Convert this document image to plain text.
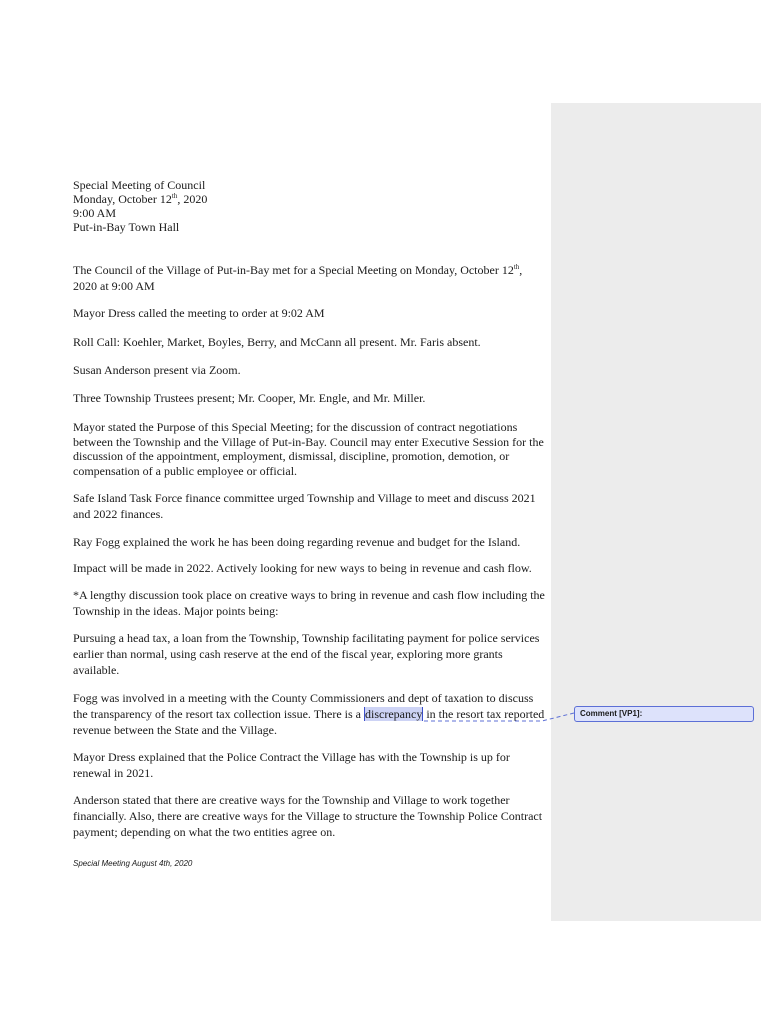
Special Meeting of Council
Monday, October 12th, 2020
9:00 AM
Put-in-Bay Town Hall

The Council of the Village of Put-in-Bay met for a Special Meeting on Monday, October 12th, 2020 at 9:00 AM

Mayor Dress called the meeting to order at 9:02 AM

Roll Call: Koehler, Market, Boyles, Berry, and McCann all present. Mr. Faris absent.

Susan Anderson present via Zoom.

Three Township Trustees present; Mr. Cooper, Mr. Engle, and Mr. Miller.

Mayor stated the Purpose of this Special Meeting; for the discussion of contract negotiations between the Township and the Village of Put-in-Bay. Council may enter Executive Session for the discussion of the appointment, employment, dismissal, discipline, promotion, demotion, or compensation of a public employee or official.

Safe Island Task Force finance committee urged Township and Village to meet and discuss 2021 and 2022 finances.

Ray Fogg explained the work he has been doing regarding revenue and budget for the Island.

Impact will be made in 2022. Actively looking for new ways to being in revenue and cash flow.

*A lengthy discussion took place on creative ways to bring in revenue and cash flow including the Township in the ideas. Major points being:

Pursuing a head tax, a loan from the Township, Township facilitating payment for police services earlier than normal, using cash reserve at the end of the fiscal year, exploring more grants available.

Fogg was involved in a meeting with the County Commissioners and dept of taxation to discuss the transparency of the resort tax collection issue. There is a discrepancy in the resort tax reported revenue between the State and the Village.

Mayor Dress explained that the Police Contract the Village has with the Township is up for renewal in 2021.

Anderson stated that there are creative ways for the Township and Village to work together financially. Also, there are creative ways for the Village to structure the Township Police Contract payment; depending on what the two entities agree on.

Special Meeting August 4th, 2020
Comment [VP1]:
